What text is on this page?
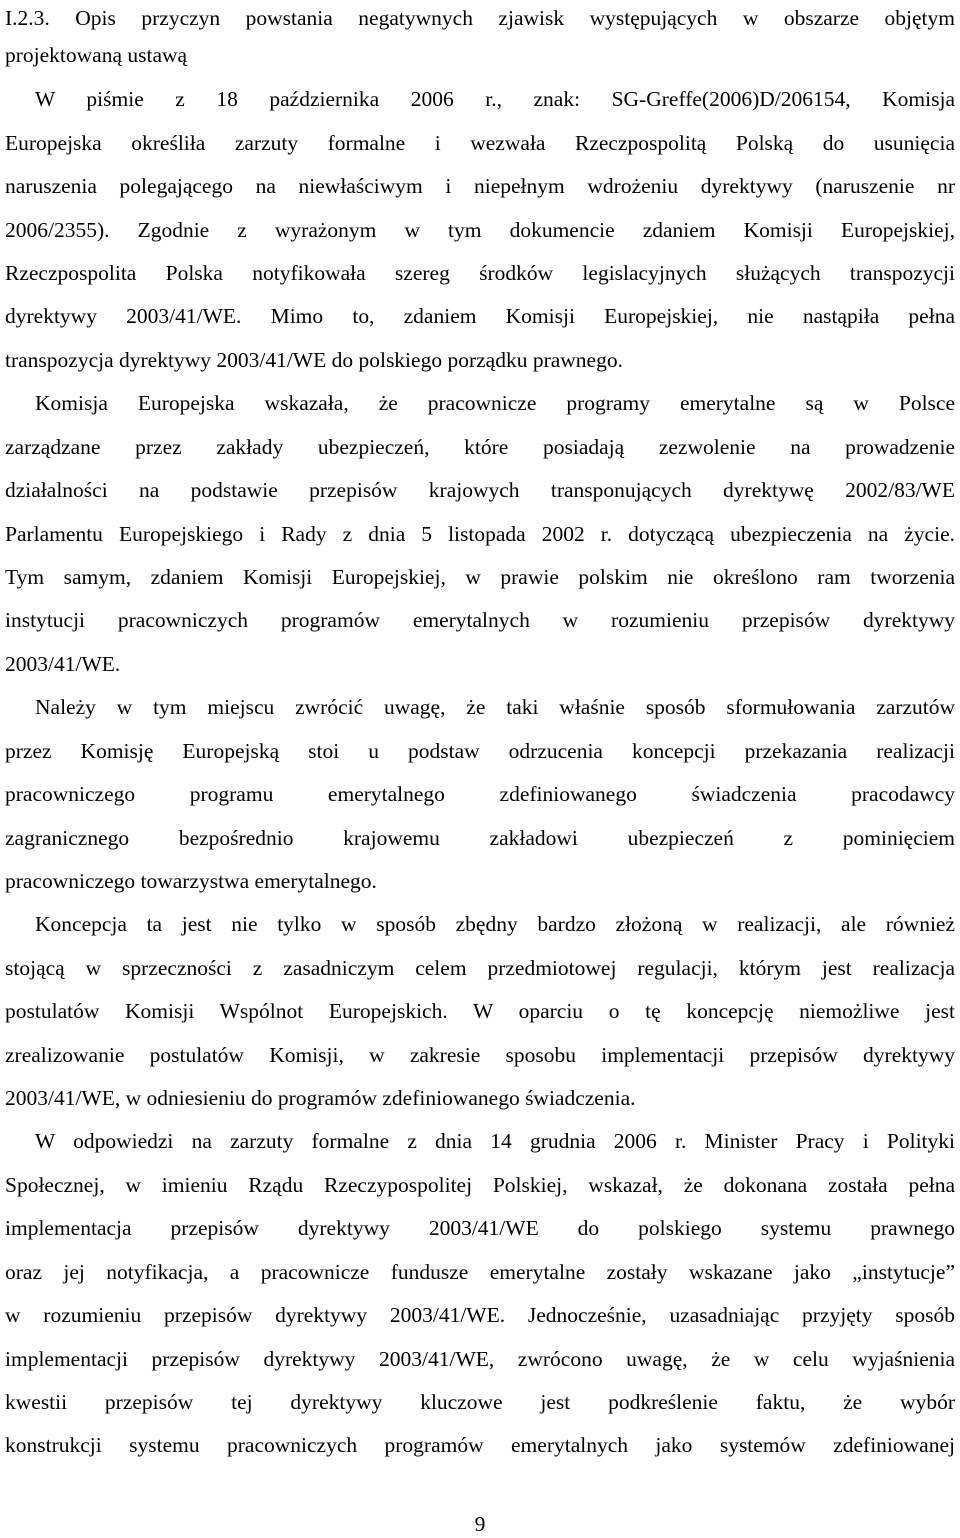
I.2.3. Opis przyczyn powstania negatywnych zjawisk występujących w obszarze objętym
projektowaną ustawą
W piśmie z 18 października 2006 r., znak: SG-Greffe(2006)D/206154, Komisja
Europejska określiła zarzuty formalne i wezwała Rzeczpospolitą Polską do usunięcia
naruszenia polegającego na niewłaściwym i niepełnym wdrożeniu dyrektywy (naruszenie nr
2006/2355). Zgodnie z wyrażonym w tym dokumencie zdaniem Komisji Europejskiej,
Rzeczpospolita Polska notyfikowała szereg środków legislacyjnych służących transpozycji
dyrektywy 2003/41/WE. Mimo to, zdaniem Komisji Europejskiej, nie nastąpiła pełna
transpozycja dyrektywy 2003/41/WE do polskiego porządku prawnego.
Komisja Europejska wskazała, że pracownicze programy emerytalne są w Polsce
zarządzane przez zakłady ubezpieczeń, które posiadają zezwolenie na prowadzenie
działalności na podstawie przepisów krajowych transponujących dyrektywę 2002/83/WE
Parlamentu Europejskiego i Rady z dnia 5 listopada 2002 r. dotyczącą ubezpieczenia na życie.
Tym samym, zdaniem Komisji Europejskiej, w prawie polskim nie określono ram tworzenia
instytucji pracowniczych programów emerytalnych w rozumieniu przepisów dyrektywy
2003/41/WE.
Należy w tym miejscu zwrócić uwagę, że taki właśnie sposób sformułowania zarzutów
przez Komisję Europejską stoi u podstaw odrzucenia koncepcji przekazania realizacji
pracowniczego programu emerytalnego zdefiniowanego świadczenia pracodawcy
zagranicznego bezpośrednio krajowemu zakładowi ubezpieczeń z pominięciem
pracowniczego towarzystwa emerytalnego.
Koncepcja ta jest nie tylko w sposób zbędny bardzo złożoną w realizacji, ale również
stojącą w sprzeczności z zasadniczym celem przedmiotowej regulacji, którym jest realizacja
postulatów Komisji Wspólnot Europejskich. W oparciu o tę koncepcję niemożliwe jest
zrealizowanie postulatów Komisji, w zakresie sposobu implementacji przepisów dyrektywy
2003/41/WE, w odniesieniu do programów zdefiniowanego świadczenia.
W odpowiedzi na zarzuty formalne z dnia 14 grudnia 2006 r. Minister Pracy i Polityki
Społecznej, w imieniu Rządu Rzeczypospolitej Polskiej, wskazał, że dokonana została pełna
implementacja przepisów dyrektywy 2003/41/WE do polskiego systemu prawnego
oraz jej notyfikacja, a pracownicze fundusze emerytalne zostały wskazane jako „instytucje”
w rozumieniu przepisów dyrektywy 2003/41/WE. Jednocześnie, uzasadniając przyjęty sposób
implementacji przepisów dyrektywy 2003/41/WE, zwrócono uwagę, że w celu wyjaśnienia
kwestii przepisów tej dyrektywy kluczowe jest podkreślenie faktu, że wybór
konstrukcji systemu pracowniczych programów emerytalnych jako systemów zdefiniowanej
9
